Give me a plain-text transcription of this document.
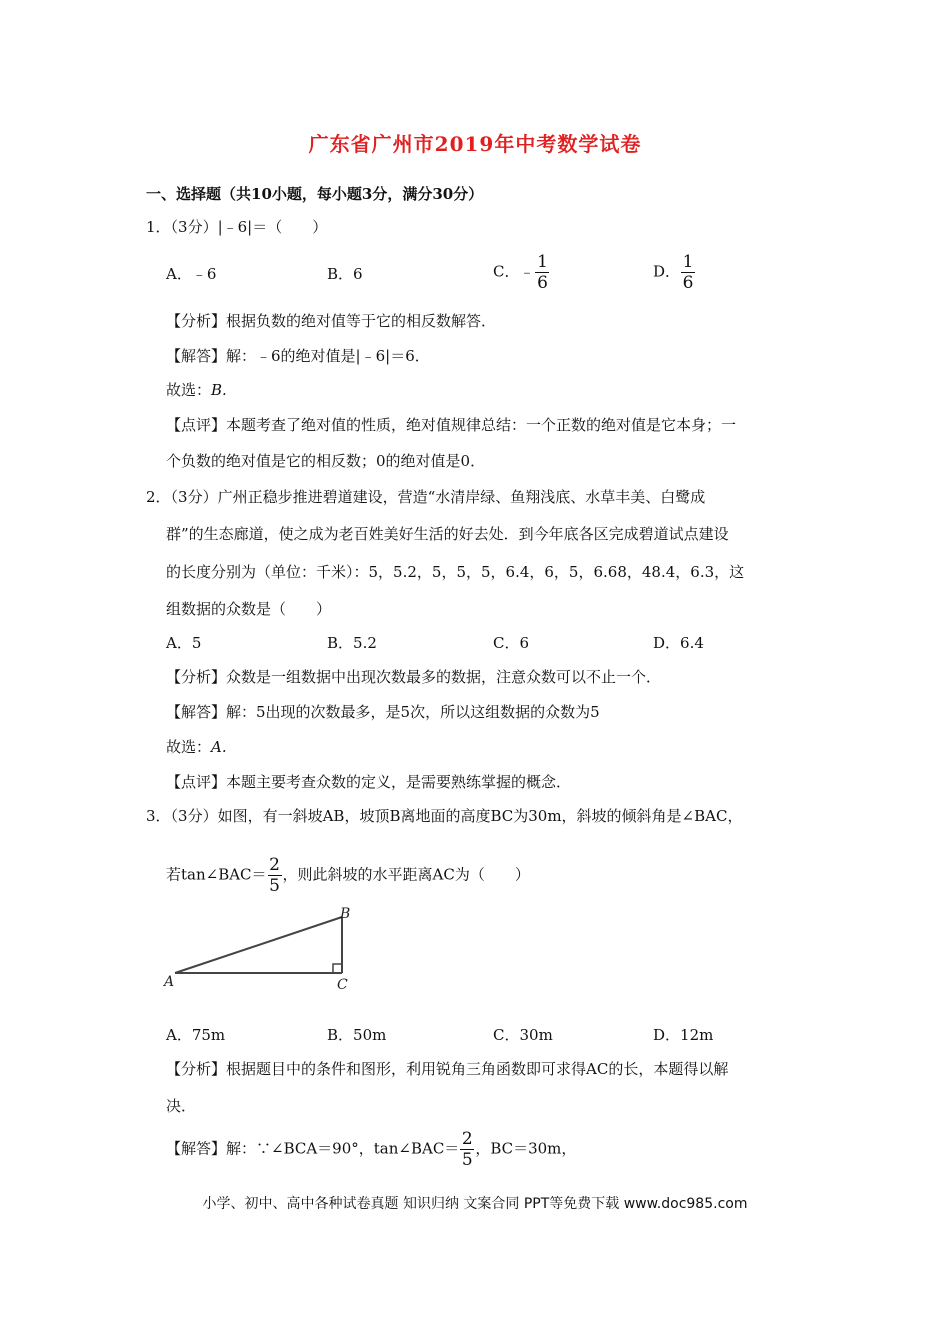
广东省广州市2019年中考数学试卷
一、选择题（共10小题，每小题3分，满分30分）
1．（3分）|﹣6|＝（　　）
A．﹣6	B．6	C．﹣ $\frac{1}{6}$	D． $\frac{1}{6}$
【分析】根据负数的绝对值等于它的相反数解答．
【解答】解：﹣6的绝对值是|﹣6|＝6．
故选：B.
【点评】本题考查了绝对值的性质，绝对值规律总结：一个正数的绝对值是它本身；一
个负数的绝对值是它的相反数；0的绝对值是0．
2．（3分）广州正稳步推进碧道建设，营造“水清岸绿、鱼翔浅底、水草丰美、白鹭成
群”的生态廊道，使之成为老百姓美好生活的好去处．到今年底各区完成碧道试点建设
的长度分别为（单位：千米）：5，5.2，5，5，5，6.4，6，5，6.68，48.4，6.3，这
组数据的众数是（　　）
A．5	B．5.2	C．6	D．6.4
【分析】众数是一组数据中出现次数最多的数据，注意众数可以不止一个．
【解答】解：5出现的次数最多，是5次，所以这组数据的众数为5
故选：A.
【点评】本题主要考查众数的定义，是需要熟练掌握的概念．
3．（3分）如图，有一斜坡AB，坡顶B离地面的高度BC为30m，斜坡的倾斜角是∠BAC，
若tan∠BAC＝ $\frac{2}{5}$ ，则此斜坡的水平距离AC为（　　）
A
B
C
A．75m	B．50m	C．30m	D．12m
【分析】根据题目中的条件和图形，利用锐角三角函数即可求得AC的长，本题得以解
决．
【解答】解：∵∠BCA＝90°，tan∠BAC＝ $\frac{2}{5}$ ，BC＝30m，
小学、初中、高中各种试卷真题 知识归纳 文案合同 PPT等免费下载 www.doc985.com
